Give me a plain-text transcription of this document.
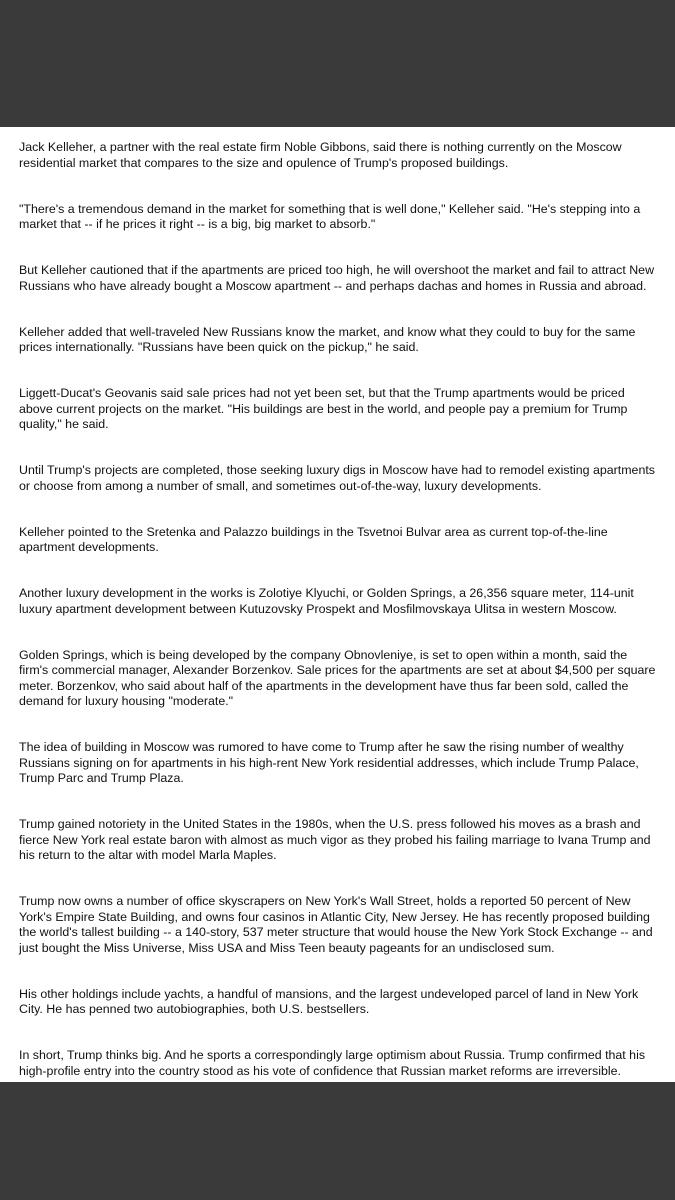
Jack Kelleher, a partner with the real estate firm Noble Gibbons, said there is nothing currently on the Moscow residential market that compares to the size and opulence of Trump's proposed buildings.

"There's a tremendous demand in the market for something that is well done," Kelleher said. "He's stepping into a market that -- if he prices it right -- is a big, big market to absorb."

But Kelleher cautioned that if the apartments are priced too high, he will overshoot the market and fail to attract New Russians who have already bought a Moscow apartment -- and perhaps dachas and homes in Russia and abroad.

Kelleher added that well-traveled New Russians know the market, and know what they could to buy for the same prices internationally. "Russians have been quick on the pickup," he said.

Liggett-Ducat's Geovanis said sale prices had not yet been set, but that the Trump apartments would be priced above current projects on the market. "His buildings are best in the world, and people pay a premium for Trump quality," he said.

Until Trump's projects are completed, those seeking luxury digs in Moscow have had to remodel existing apartments or choose from among a number of small, and sometimes out-of-the-way, luxury developments.

Kelleher pointed to the Sretenka and Palazzo buildings in the Tsvetnoi Bulvar area as current top-of-the-line apartment developments.

Another luxury development in the works is Zolotiye Klyuchi, or Golden Springs, a 26,356 square meter, 114-unit luxury apartment development between Kutuzovsky Prospekt and Mosfilmovskaya Ulitsa in western Moscow.

Golden Springs, which is being developed by the company Obnovleniye, is set to open within a month, said the firm's commercial manager, Alexander Borzenkov. Sale prices for the apartments are set at about $4,500 per square meter. Borzenkov, who said about half of the apartments in the development have thus far been sold, called the demand for luxury housing "moderate."

The idea of building in Moscow was rumored to have come to Trump after he saw the rising number of wealthy Russians signing on for apartments in his high-rent New York residential addresses, which include Trump Palace, Trump Parc and Trump Plaza.

Trump gained notoriety in the United States in the 1980s, when the U.S. press followed his moves as a brash and fierce New York real estate baron with almost as much vigor as they probed his failing marriage to Ivana Trump and his return to the altar with model Marla Maples.

Trump now owns a number of office skyscrapers on New York's Wall Street, holds a reported 50 percent of New York's Empire State Building, and owns four casinos in Atlantic City, New Jersey. He has recently proposed building the world's tallest building -- a 140-story, 537 meter structure that would house the New York Stock Exchange -- and just bought the Miss Universe, Miss USA and Miss Teen beauty pageants for an undisclosed sum.

His other holdings include yachts, a handful of mansions, and the largest undeveloped parcel of land in New York City. He has penned two autobiographies, both U.S. bestsellers.

In short, Trump thinks big. And he sports a correspondingly large optimism about Russia. Trump confirmed that his high-profile entry into the country stood as his vote of confidence that Russian market reforms are irreversible.
